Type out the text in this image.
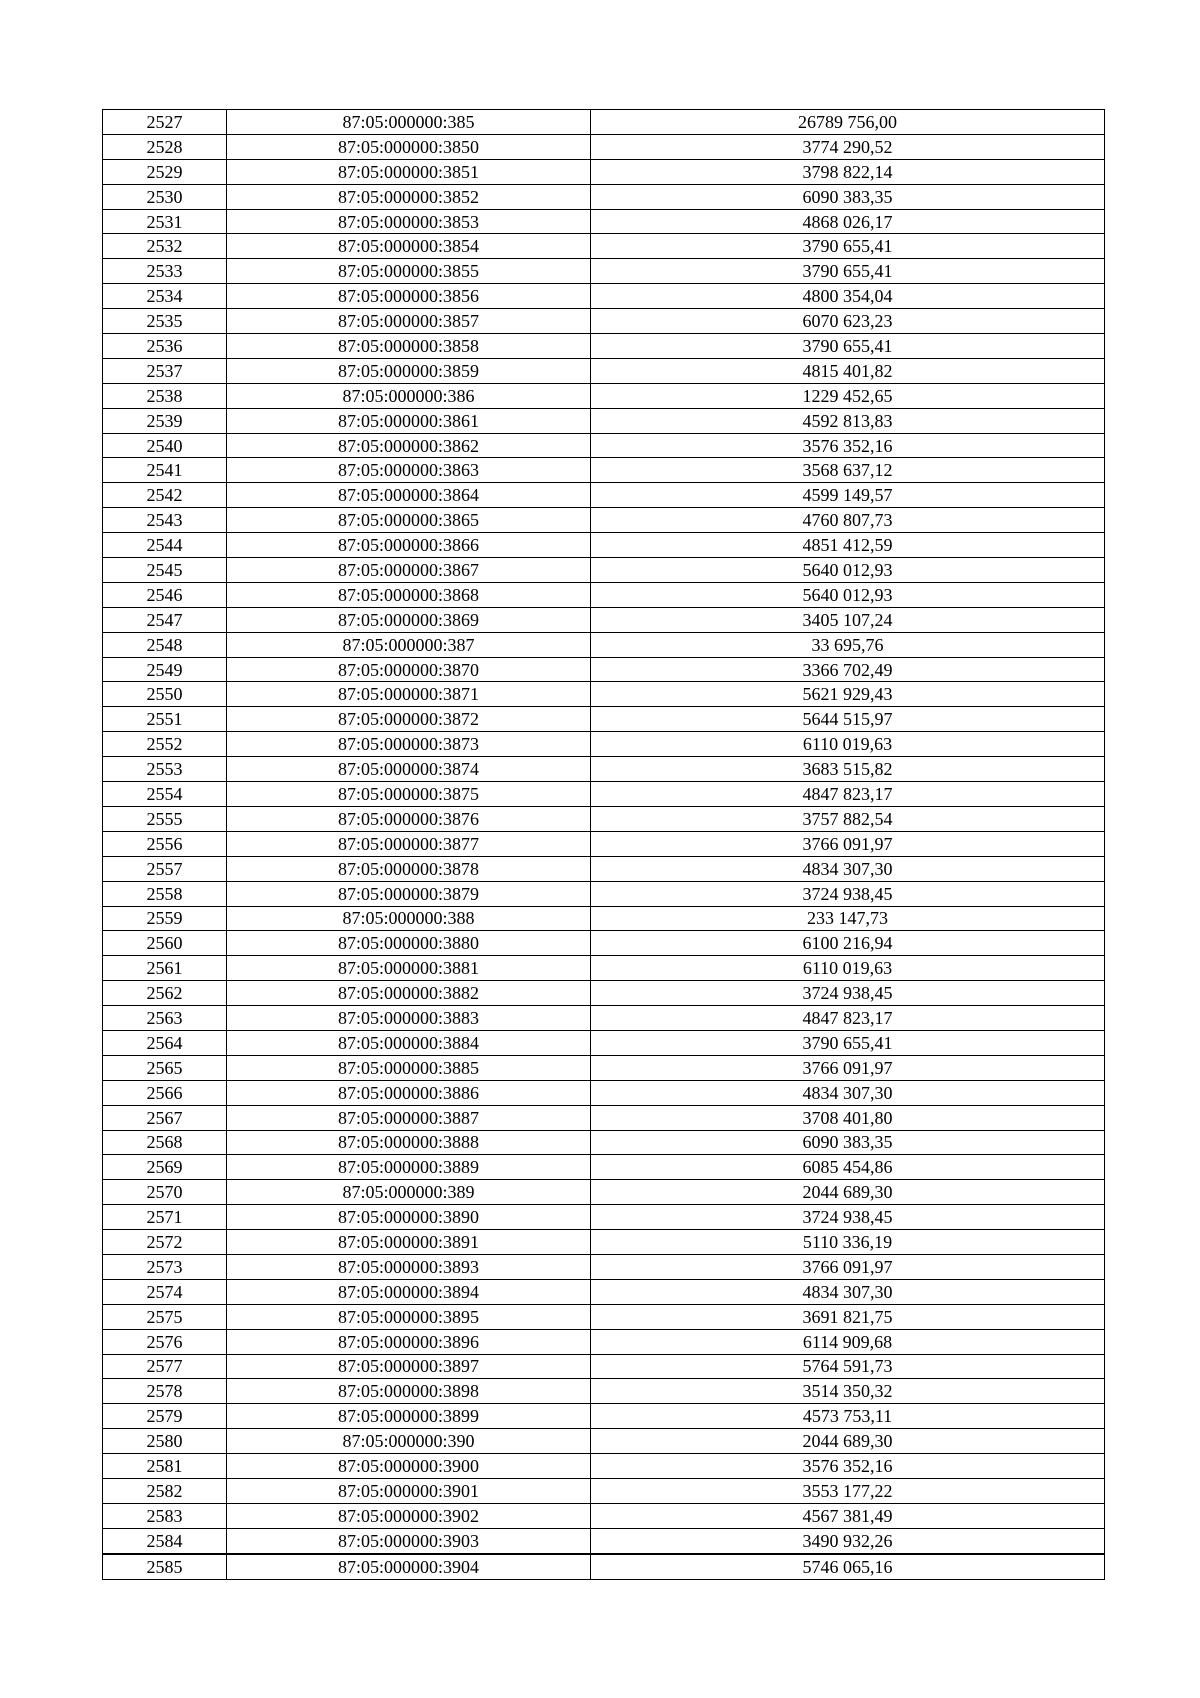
2527	87:05:000000:385	26789 756,00
2528	87:05:000000:3850	3774 290,52
2529	87:05:000000:3851	3798 822,14
2530	87:05:000000:3852	6090 383,35
2531	87:05:000000:3853	4868 026,17
2532	87:05:000000:3854	3790 655,41
2533	87:05:000000:3855	3790 655,41
2534	87:05:000000:3856	4800 354,04
2535	87:05:000000:3857	6070 623,23
2536	87:05:000000:3858	3790 655,41
2537	87:05:000000:3859	4815 401,82
2538	87:05:000000:386	1229 452,65
2539	87:05:000000:3861	4592 813,83
2540	87:05:000000:3862	3576 352,16
2541	87:05:000000:3863	3568 637,12
2542	87:05:000000:3864	4599 149,57
2543	87:05:000000:3865	4760 807,73
2544	87:05:000000:3866	4851 412,59
2545	87:05:000000:3867	5640 012,93
2546	87:05:000000:3868	5640 012,93
2547	87:05:000000:3869	3405 107,24
2548	87:05:000000:387	33 695,76
2549	87:05:000000:3870	3366 702,49
2550	87:05:000000:3871	5621 929,43
2551	87:05:000000:3872	5644 515,97
2552	87:05:000000:3873	6110 019,63
2553	87:05:000000:3874	3683 515,82
2554	87:05:000000:3875	4847 823,17
2555	87:05:000000:3876	3757 882,54
2556	87:05:000000:3877	3766 091,97
2557	87:05:000000:3878	4834 307,30
2558	87:05:000000:3879	3724 938,45
2559	87:05:000000:388	233 147,73
2560	87:05:000000:3880	6100 216,94
2561	87:05:000000:3881	6110 019,63
2562	87:05:000000:3882	3724 938,45
2563	87:05:000000:3883	4847 823,17
2564	87:05:000000:3884	3790 655,41
2565	87:05:000000:3885	3766 091,97
2566	87:05:000000:3886	4834 307,30
2567	87:05:000000:3887	3708 401,80
2568	87:05:000000:3888	6090 383,35
2569	87:05:000000:3889	6085 454,86
2570	87:05:000000:389	2044 689,30
2571	87:05:000000:3890	3724 938,45
2572	87:05:000000:3891	5110 336,19
2573	87:05:000000:3893	3766 091,97
2574	87:05:000000:3894	4834 307,30
2575	87:05:000000:3895	3691 821,75
2576	87:05:000000:3896	6114 909,68
2577	87:05:000000:3897	5764 591,73
2578	87:05:000000:3898	3514 350,32
2579	87:05:000000:3899	4573 753,11
2580	87:05:000000:390	2044 689,30
2581	87:05:000000:3900	3576 352,16
2582	87:05:000000:3901	3553 177,22
2583	87:05:000000:3902	4567 381,49
2584	87:05:000000:3903	3490 932,26
2585	87:05:000000:3904	5746 065,16
